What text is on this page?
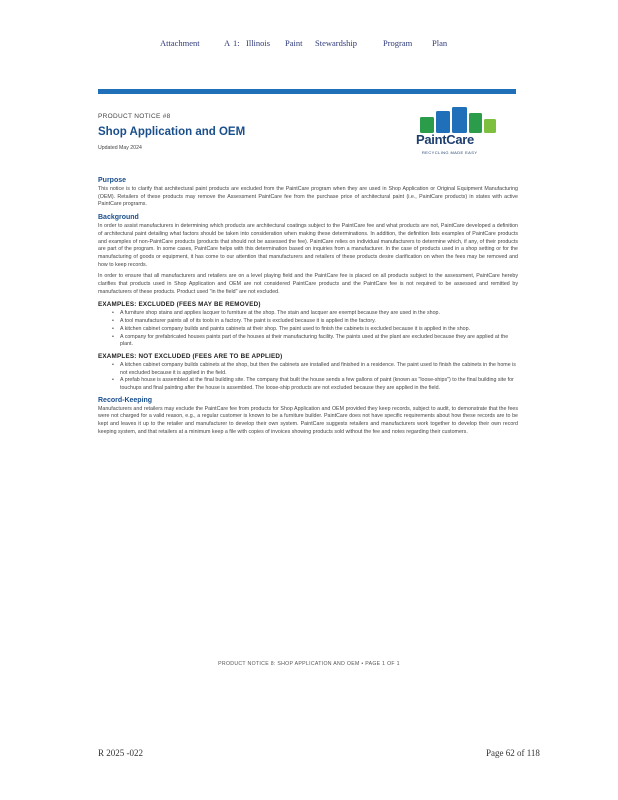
Attachment	A 1: Illinois Paint Stewardship	Program Plan
PRODUCT NOTICE #8
Shop Application and OEM
Updated May 2024
PaintCare
RECYCLING MADE EASY
Purpose

This notice is to clarify that architectural paint products are excluded from the PaintCare program when they are used in Shop Application or Original Equipment Manufacturing (OEM). Retailers of these products may remove the Assessment PaintCare fee from the purchase price of architectural paint (i.e., PaintCare products) in states with active PaintCare programs.

Background

In order to assist manufacturers in determining which products are architectural coatings subject to the PaintCare fee and what products are not, PaintCare developed a definition of architectural paint detailing what factors should be taken into consideration when making these determinations. In addition, the definition lists examples of PaintCare products and examples of non-PaintCare products (products that should not be assessed the fee). PaintCare relies on individual manufacturers to determine which, if any, of their products are part of the program. In some cases, PaintCare helps with this determination based on inquiries from a manufacturer. In the case of products used in a shop setting or for the manufacturing of goods or equipment, it has come to our attention that manufacturers and retailers of these products desire clarification on when the fees may be removed and how to keep records.

In order to ensure that all manufacturers and retailers are on a level playing field and the PaintCare fee is placed on all products subject to the assessment, PaintCare hereby clarifies that products used in Shop Application and OEM are not considered PaintCare products and the PaintCare fee is not required to be assessed and remitted by manufacturers of these products. Product used "in the field" are not excluded.

EXAMPLES: EXCLUDED (FEES MAY BE REMOVED)
• A furniture shop stains and applies lacquer to furniture at the shop. The stain and lacquer are exempt because they are used in the shop.
• A tool manufacturer paints all of its tools in a factory. The paint is excluded because it is applied in the factory.
• A kitchen cabinet company builds and paints cabinets at their shop. The paint used to finish the cabinets is excluded because it is applied in the shop.
• A company for prefabricated houses paints part of the houses at their manufacturing facility. The paints used at the plant are excluded because they are applied at the plant.
EXAMPLES: NOT EXCLUDED (FEES ARE TO BE APPLIED)
• A kitchen cabinet company builds cabinets at the shop, but then the cabinets are installed and finished in a residence. The paint used to finish the cabinets in the home is not excluded because it is applied in the field.
• A prefab house is assembled at the final building site. The company that built the house sends a few gallons of paint (known as "loose-ships") to the final building site for touchups and final painting after the house is assembled. The loose-ship products are not excluded because they are applied in the field.
Record-Keeping

Manufacturers and retailers may exclude the PaintCare fee from products for Shop Application and OEM provided they keep records, subject to audit, to demonstrate that the fees were not charged for a valid reason, e.g., a regular customer is known to be a furniture builder. PaintCare does not have specific requirements about how these records are to be kept and leaves it up to the retailer and manufacturer to develop their own system. PaintCare suggests retailers and manufacturers work together to develop their own record keeping system, and that retailers at a minimum keep a file with copies of invoices showing products sold without the fee and notes regarding their customers.

PRODUCT NOTICE 8: SHOP APPLICATION AND OEM • PAGE 1 OF 1
R 2025 -022	Page 62 of 118
